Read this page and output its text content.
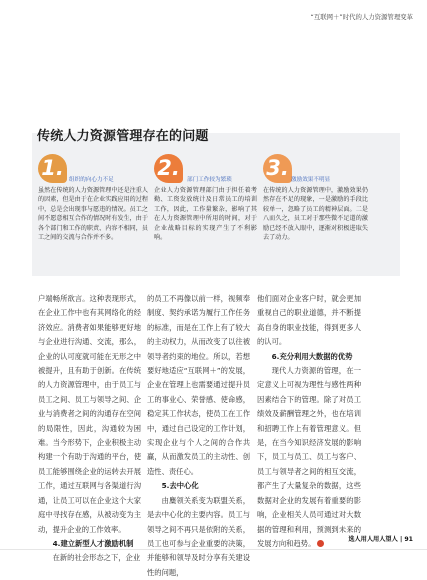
“互联网＋”时代的人力资源管理变革
传统人力资源管理存在的问题
1. 组织的向心力不足
虽然在传统的人力资源管理中还是注重人的因素，但是由于在企业实践应用的过程中，总是会出现事与愿违的情况。员工之间不愿意相互合作的情况时有发生，由于各个部门和工作的职责、内容不相同，员工之间的交流与合作并不多。
2.	部门工作较为繁琐
企业人力资源管理部门由于担任着考勤、工资发放统计及日常员工的培训工作，因此，工作量繁杂，影响了其在人力资源管理中所用的时间，对于企业战略目标的实现产生了不利影响。
3. 激励效果不明显
在传统的人力资源管理中，激励效果仍然存在不足的现象，一是激励的手段比较单一，忽略了员工的精神层面。二是八而久之，员工对于那些微不足道的激励已经不放入眼中，逐渐对积极进取失去了动力。

户端畅所欲言。这种表现形式，在企业工作中也有其网络化的经济效应。消费者如果能够更好地与企业进行沟通、交流，那么，企业的认可度就可能在无形之中被提升，且有助于创新。在传统的人力资源管理中，由于员工与员工之间、员工与领导之间、企业与消费者之间的沟通存在空间的局限性，因此，沟通较为困难。当今形势下，企业积极主动构建一个有助于沟通的平台，使员工能够围绕企业的运转去开展工作，通过互联网与各渠道行沟通，让员工可以在企业这个大家庭中寻找存在感，从被动变为主动，提升企业的工作效率。

4.建立新型人才激励机制

在新的社会形态之下，企业

的员工不再像以前一样，视频奉制度、契约承诺为履行工作任务的标准，而是在工作上有了较大的主动权力，从而改变了以往被领导者约束的地位。所以，若想要好地适应“互联网＋”的发展，企业在管理上也需要通过提升员工的事业心、荣誉感、使命感，稳定其工作状态，使员工在工作中，通过自己设定的工作计划，实现企业与个人之间的合作共赢，从而激发员工的主动性、创造性、责任心。

5.去中心化

由麋领关系变为联盟关系，是去中心化的主要内容。员工与领导之间不再只是依附的关系，员工也可参与企业重要的决策，并能够和领导及时分享有关建设性的问题，

他们面对企业客户时，就会更加重视自己的职业道德，并不断提高自身的职业技能，得到更多人的认可。

6.充分利用大数据的优势

现代人力资源的管理，在一定意义上可视为理性与感性两种因素结合下的管理。除了对员工绩效及薪酬管理之外，也在培训和招聘工作上有着管理意义。但是，在当今知识经济发展的影响下，员工与员工、员工与客户、员工与领导者之间的相互交流，都产生了大量复杂的数据，这些数据对企业的发展有着重要的影响，企业相关人员可通过对大数据的管理和利用，预测到未来的发展方向和趋势。	选人用人用人望人 | 91
